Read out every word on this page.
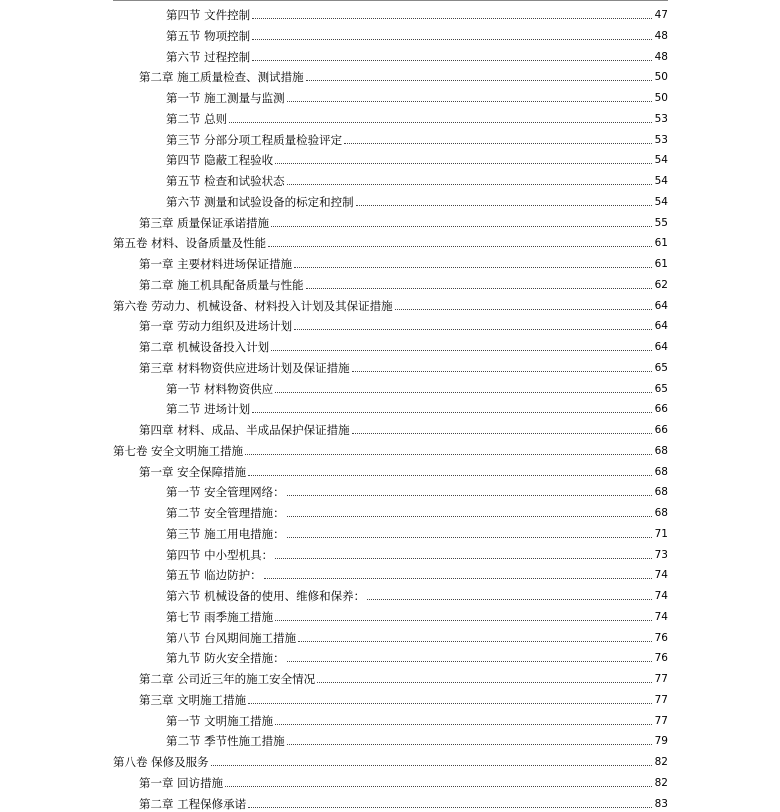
第四节 文件控制	47
第五节 物项控制	48
第六节 过程控制	48
第二章 施工质量检查、测试措施	50
第一节 施工测量与监测	50
第二节 总则	53
第三节 分部分项工程质量检验评定	53
第四节 隐蔽工程验收	54
第五节 检查和试验状态	54
第六节 测量和试验设备的标定和控制	54
第三章 质量保证承诺措施	55
第五卷 材料、设备质量及性能	61
第一章 主要材料进场保证措施	61
第二章 施工机具配备质量与性能	62
第六卷 劳动力、机械设备、材料投入计划及其保证措施	64
第一章 劳动力组织及进场计划	64
第二章 机械设备投入计划	64
第三章 材料物资供应进场计划及保证措施	65
第一节 材料物资供应	65
第二节 进场计划	66
第四章 材料、成品、半成品保护保证措施	66
第七卷 安全文明施工措施	68
第一章 安全保障措施	68
第一节 安全管理网络：	68
第二节 安全管理措施：	68
第三节 施工用电措施：	71
第四节 中小型机具：	73
第五节 临边防护：	74
第六节 机械设备的使用、维修和保养：	74
第七节 雨季施工措施	74
第八节 台风期间施工措施	76
第九节 防火安全措施：	76
第二章 公司近三年的施工安全情况	77
第三章 文明施工措施	77
第一节 文明施工措施	77
第二节 季节性施工措施	79
第八卷 保修及服务	82
第一章 回访措施	82
第二章 工程保修承诺	83
